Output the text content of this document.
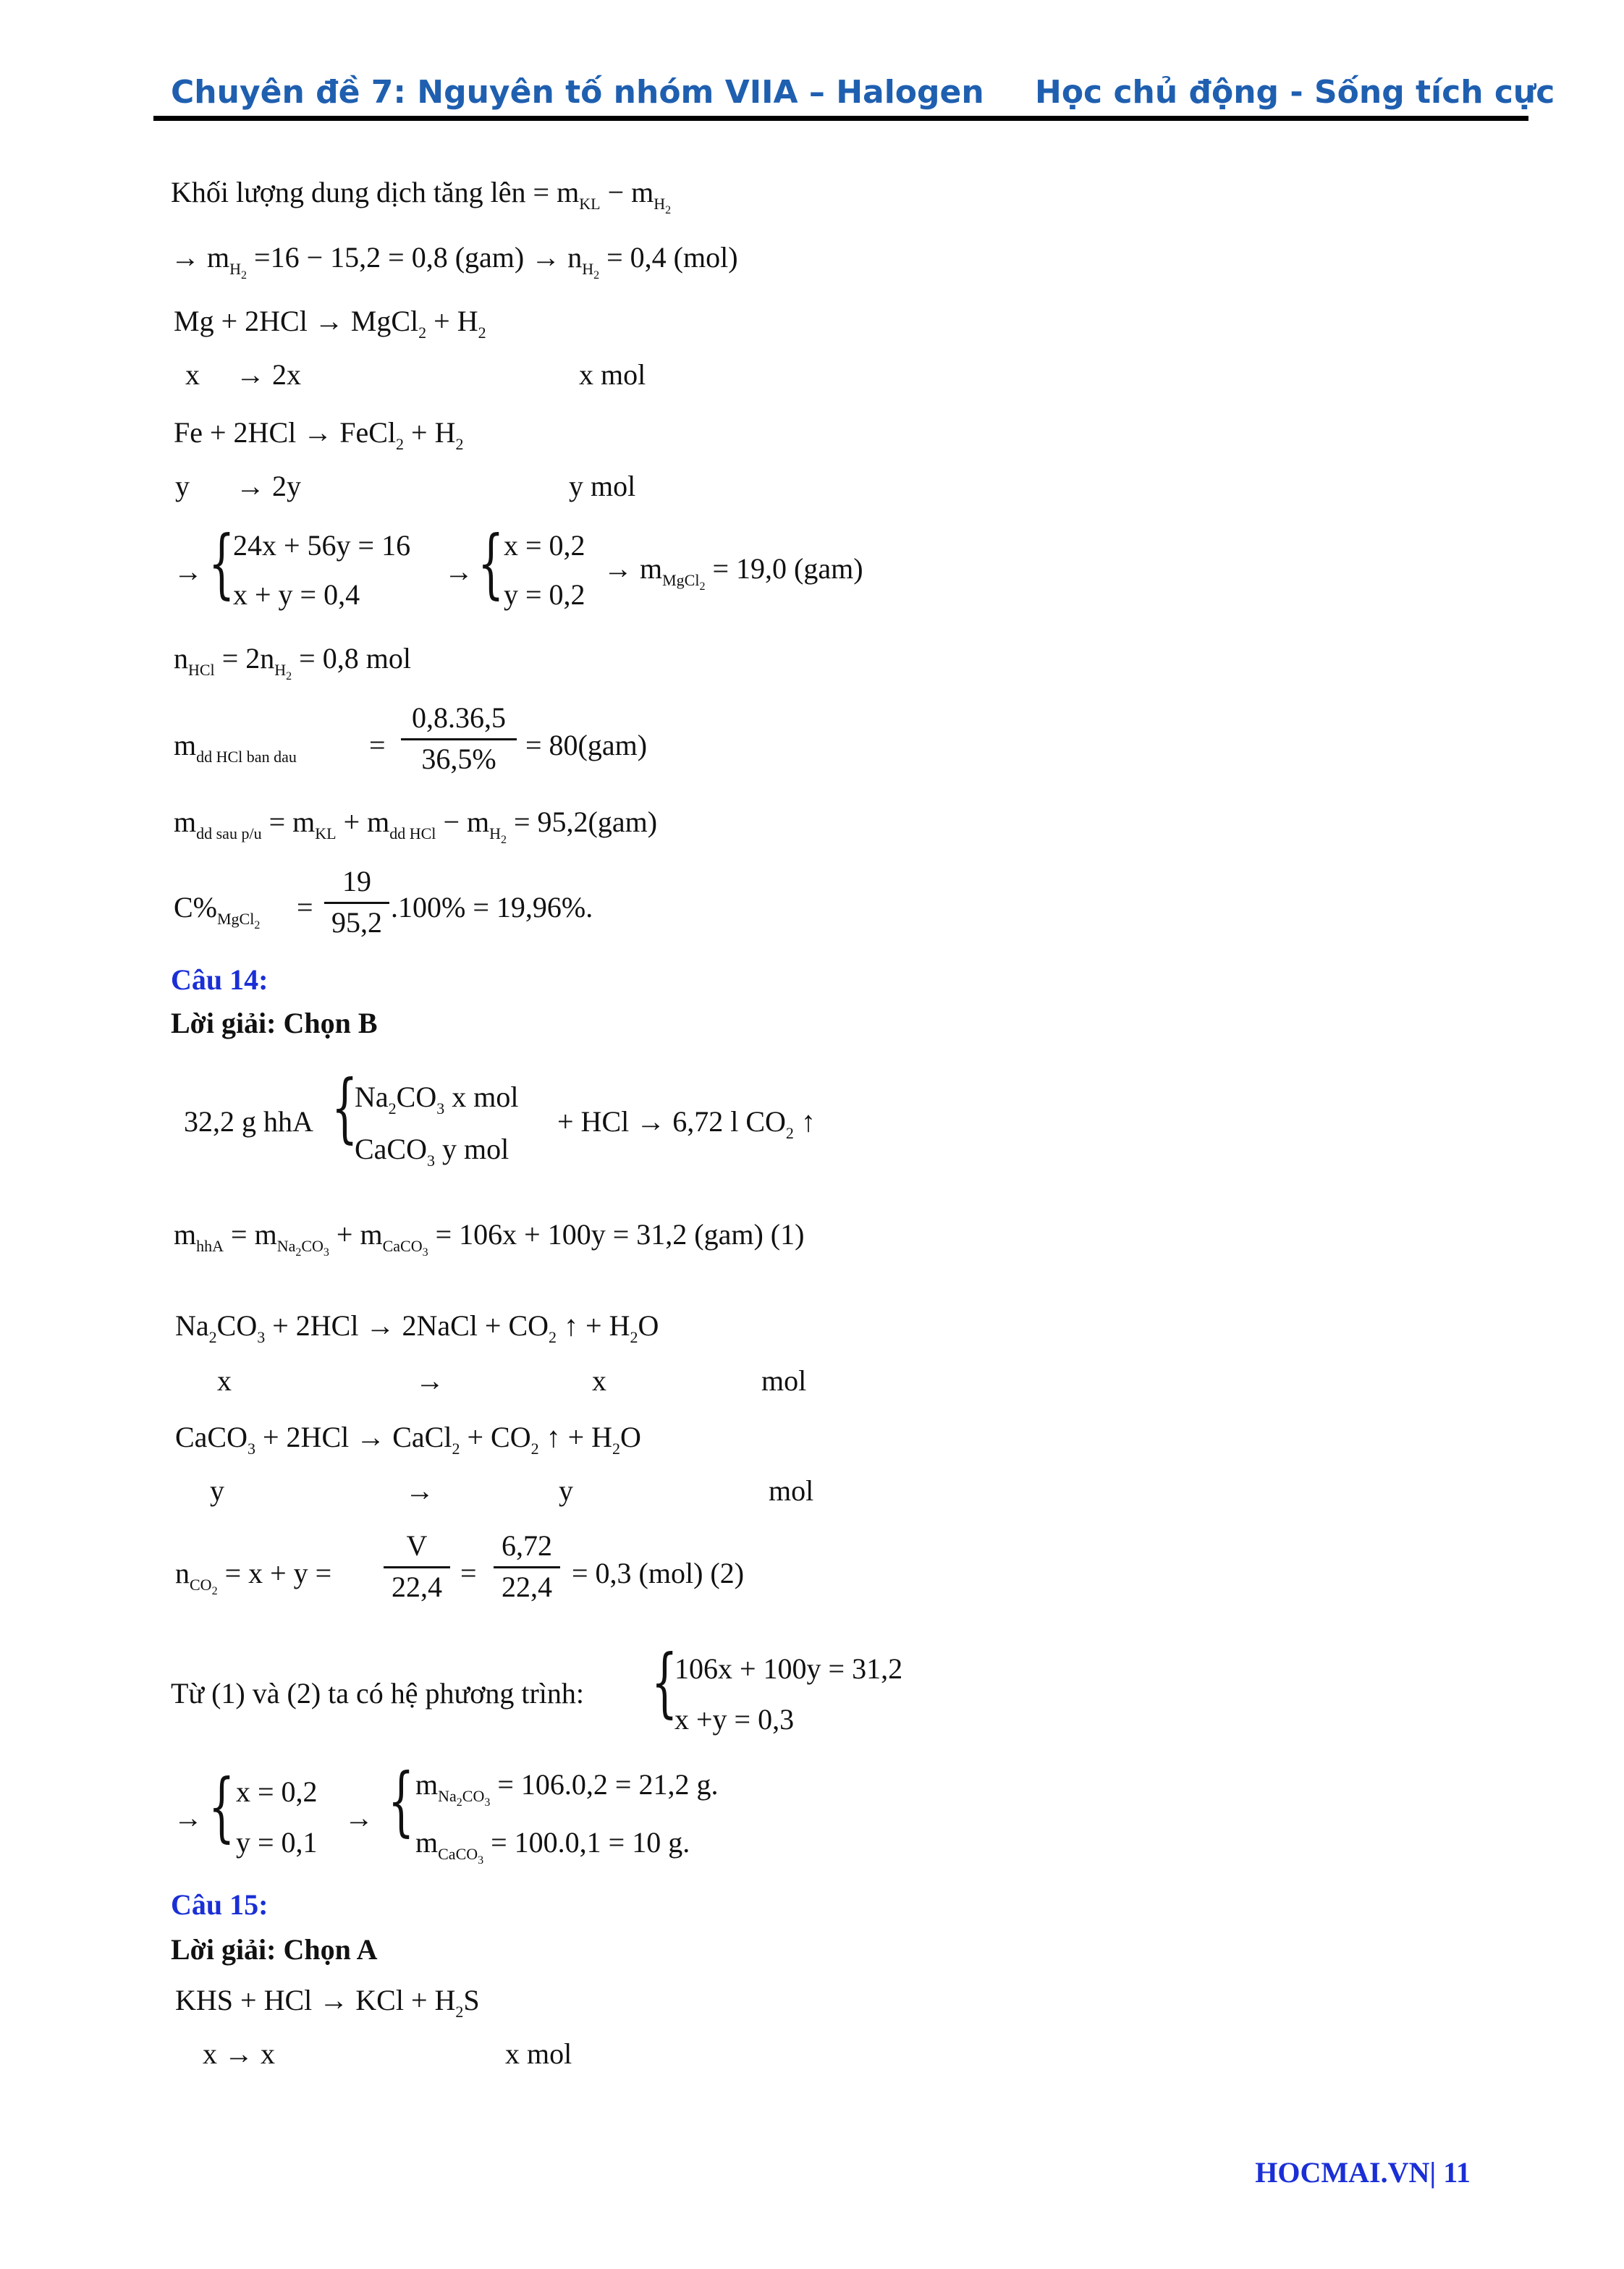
Chuyên đề 7: Nguyên tố nhóm VIIA – Halogen Học chủ động - Sống tích cực
Khối lượng dung dịch tăng lên = $m_{KL} - m_{H_2}$
→ $m_{H_2} =16 - 15,2 = 0,8$ $(gam) \to n_{H_2} = 0,4$ (mol)
Mg + 2HCl → MgCl$_2$ + $H_2$
x → 2x	x mol
Fe + 2HCl → FeCl$_2$ + $H_2$
y → 2y	y mol
→ {
24x + 56y = 16
x + y = 0,4
→ { x = 0,2
y = 0,2
→ $m_{MgCl_2} = 19,0$ (gam)
$n_{HCl} = 2n_{H_2} = 0,8$ mol
$m_{dd HCl ban dau}$	=
0,8.36,5
36,5%	= 80(gam)
$m_{dd sau p/u} = m_{KL} + m_{dd HCl} - m_{H_2} = 95,2(gam)$
$C\%_{MgCl_2}$
=
19
95,2 .100% = 19,96%.
Câu 14:
Lời giải: Chọn B
32,2 g hhA {
$Na_2CO_3$ x mol
CaCO$_3$ y mol
+ HCl → 6,72 l $CO_2$ ↑
$m_{hhA} = m_{Na_2CO_3} + m_{CaCO_3} = 106x + 100y = 31,2$ (gam) (1)
$Na_2CO_3 + 2HCl$ → 2NaCl + $CO_2$ ↑ + $H_2O$
x	→	x	mol
CaCO$_3$ + 2HCl → CaCl$_2$ + $CO_2$ ↑ + $H_2O$
y	→	y	mol
$n_{CO_2} = x + y$ =
V
22,4 =
6,72
22,4 = 0,3 (mol) (2)
Từ (1) và (2) ta có hệ phương trình: {
106x + 100y = 31,2
x +y = 0,3
→ { x = 0,2
y = 0,1
→ { $m_{Na_2CO_3} = 106.0,2 = 21,2$ g.
$m_{CaCO_3} = 100.0,1 = 10$ g.
Câu 15:
Lời giải: Chọn A
KHS + HCl → KCl + $H_2S$
x → x	x mol
HOCMAI.VN| 11
